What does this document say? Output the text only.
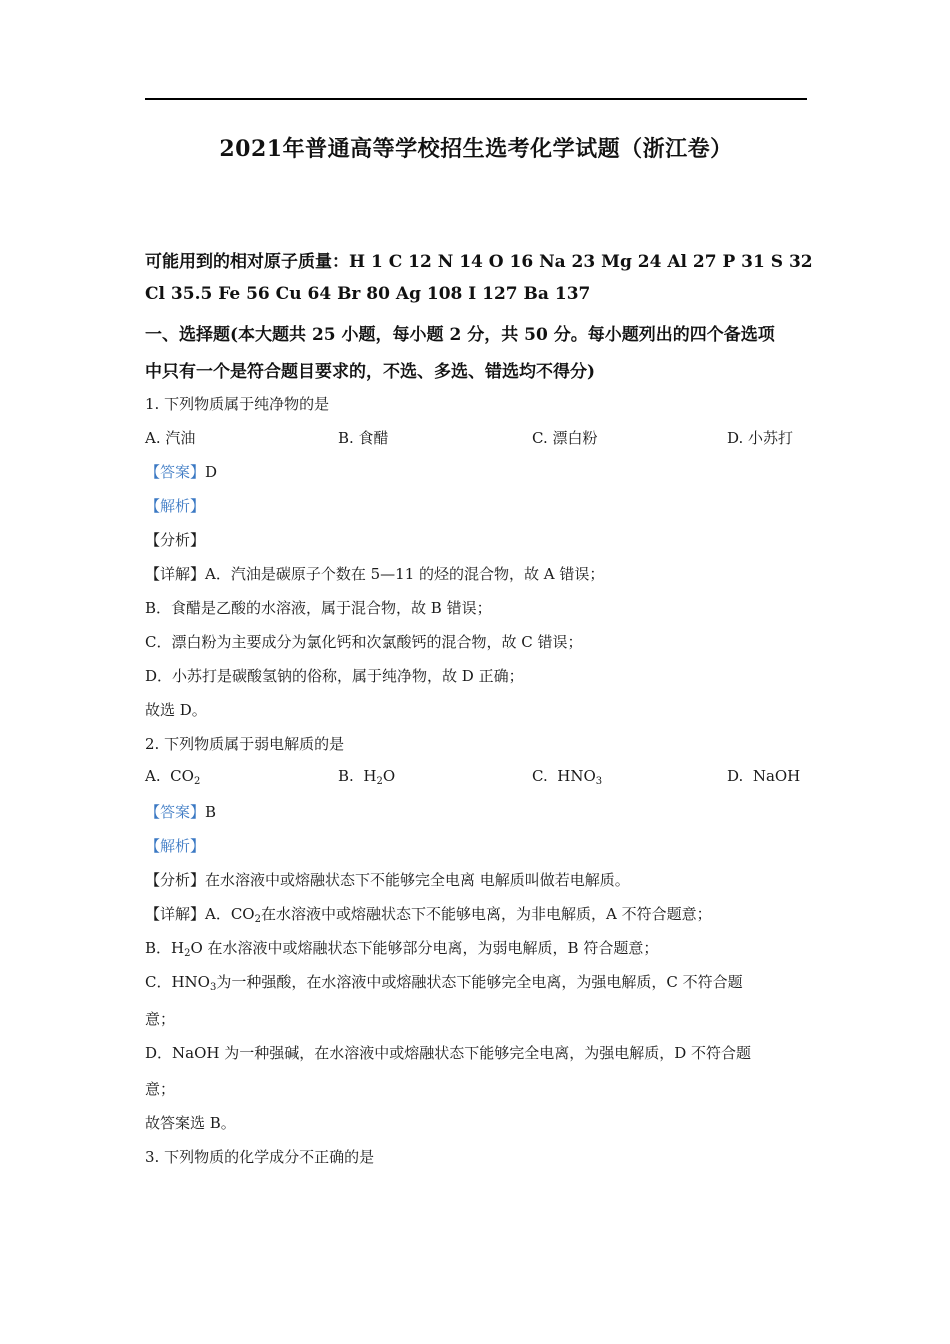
2021年普通高等学校招生选考化学试题（浙江卷）
可能用到的相对原子质量：H 1 C 12 N 14 O 16 Na 23 Mg 24 Al 27 P 31 S 32
Cl 35.5 Fe 56 Cu 64 Br 80 Ag 108 I 127 Ba 137
一、选择题(本大题共 25 小题，每小题 2 分，共 50 分。每小题列出的四个备选项
中只有一个是符合题目要求的，不选、多选、错选均不得分)
1. 下列物质属于纯净物的是
A. 汽油	B. 食醋	C. 漂白粉	D. 小苏打
【答案】D
【解析】
【分析】
【详解】A．汽油是碳原子个数在 5—11 的烃的混合物，故 A 错误；
B．食醋是乙酸的水溶液，属于混合物，故 B 错误；
C．漂白粉为主要成分为氯化钙和次氯酸钙的混合物，故 C 错误；
D．小苏打是碳酸氢钠的俗称，属于纯净物，故 D 正确；
故选 D。
2. 下列物质属于弱电解质的是
A. $CO_2$	B. $H_2O$	C. $HNO_3$	D. NaOH
【答案】B
【解析】
【分析】在水溶液中或熔融状态下不能够完全电离 电解质叫做若电解质。
【详解】A．$CO_2$在水溶液中或熔融状态下不能够电离，为非电解质，A 不符合题意；
B．$H_2O$ 在水溶液中或熔融状态下能够部分电离，为弱电解质，B 符合题意；
C．$HNO_3$为一种强酸，在水溶液中或熔融状态下能够完全电离，为强电解质，C 不符合题
意；
D．NaOH 为一种强碱，在水溶液中或熔融状态下能够完全电离，为强电解质，D 不符合题
意；
故答案选 B。
3. 下列物质的化学成分不正确的是
